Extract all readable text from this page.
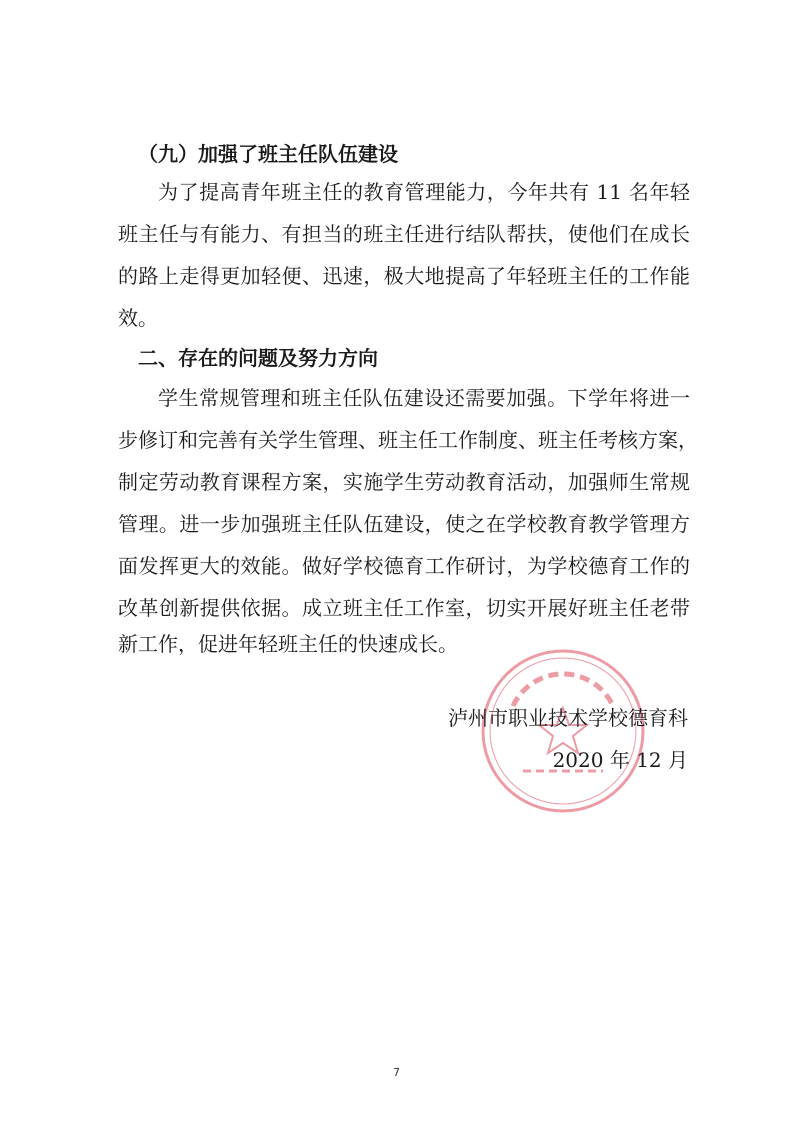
（九）加强了班主任队伍建设
为了提高青年班主任的教育管理能力，今年共有 11 名年轻
班主任与有能力、有担当的班主任进行结队帮扶，使他们在成长
的路上走得更加轻便、迅速，极大地提高了年轻班主任的工作能
效。
二、存在的问题及努力方向
学生常规管理和班主任队伍建设还需要加强。下学年将进一
步修订和完善有关学生管理、班主任工作制度、班主任考核方案，
制定劳动教育课程方案，实施学生劳动教育活动，加强师生常规
管理。进一步加强班主任队伍建设，使之在学校教育教学管理方
面发挥更大的效能。做好学校德育工作研讨，为学校德育工作的
改革创新提供依据。成立班主任工作室，切实开展好班主任老带
新工作，促进年轻班主任的快速成长。
泸州市职业技术学校德育科
2020 年 12 月
7
